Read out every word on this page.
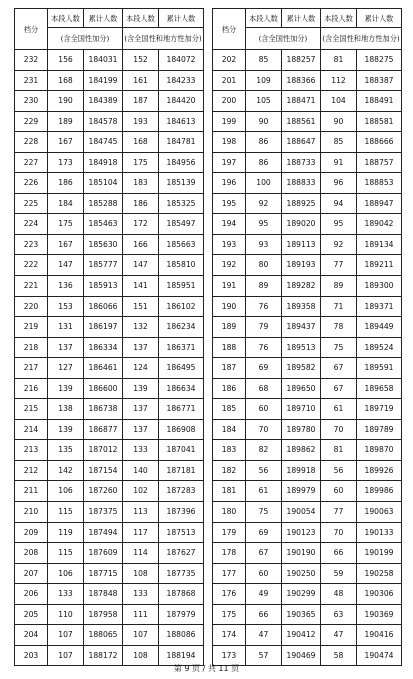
档分	本段人数	累计人数	本段人数	累计人数
	(含全国性加分)		(含全国性和地方性加分)	
232	156	184031	152	184072
231	168	184199	161	184233
230	190	184389	187	184420
229	189	184578	193	184613
228	167	184745	168	184781
227	173	184918	175	184956
226	186	185104	183	185139
225	184	185288	186	185325
224	175	185463	172	185497
223	167	185630	166	185663
222	147	185777	147	185810
221	136	185913	141	185951
220	153	186066	151	186102
219	131	186197	132	186234
218	137	186334	137	186371
217	127	186461	124	186495
216	139	186600	139	186634
215	138	186738	137	186771
214	139	186877	137	186908
213	135	187012	133	187041
212	142	187154	140	187181
211	106	187260	102	187283
210	115	187375	113	187396
209	119	187494	117	187513
208	115	187609	114	187627
207	106	187715	108	187735
206	133	187848	133	187868
205	110	187958	111	187979
204	107	188065	107	188086
203	107	188172	108	188194
档分	本段人数	累计人数	本段人数	累计人数
	(含全国性加分)		(含全国性和地方性加分)	
202	85	188257	81	188275
201	109	188366	112	188387
200	105	188471	104	188491
199	90	188561	90	188581
198	86	188647	85	188666
197	86	188733	91	188757
196	100	188833	96	188853
195	92	188925	94	188947
194	95	189020	95	189042
193	93	189113	92	189134
192	80	189193	77	189211
191	89	189282	89	189300
190	76	189358	71	189371
189	79	189437	78	189449
188	76	189513	75	189524
187	69	189582	67	189591
186	68	189650	67	189658
185	60	189710	61	189719
184	70	189780	70	189789
183	82	189862	81	189870
182	56	189918	56	189926
181	61	189979	60	189986
180	75	190054	77	190063
179	69	190123	70	190133
178	67	190190	66	190199
177	60	190250	59	190258
176	49	190299	48	190306
175	66	190365	63	190369
174	47	190412	47	190416
173	57	190469	58	190474
第 9 页 / 共 11 页
